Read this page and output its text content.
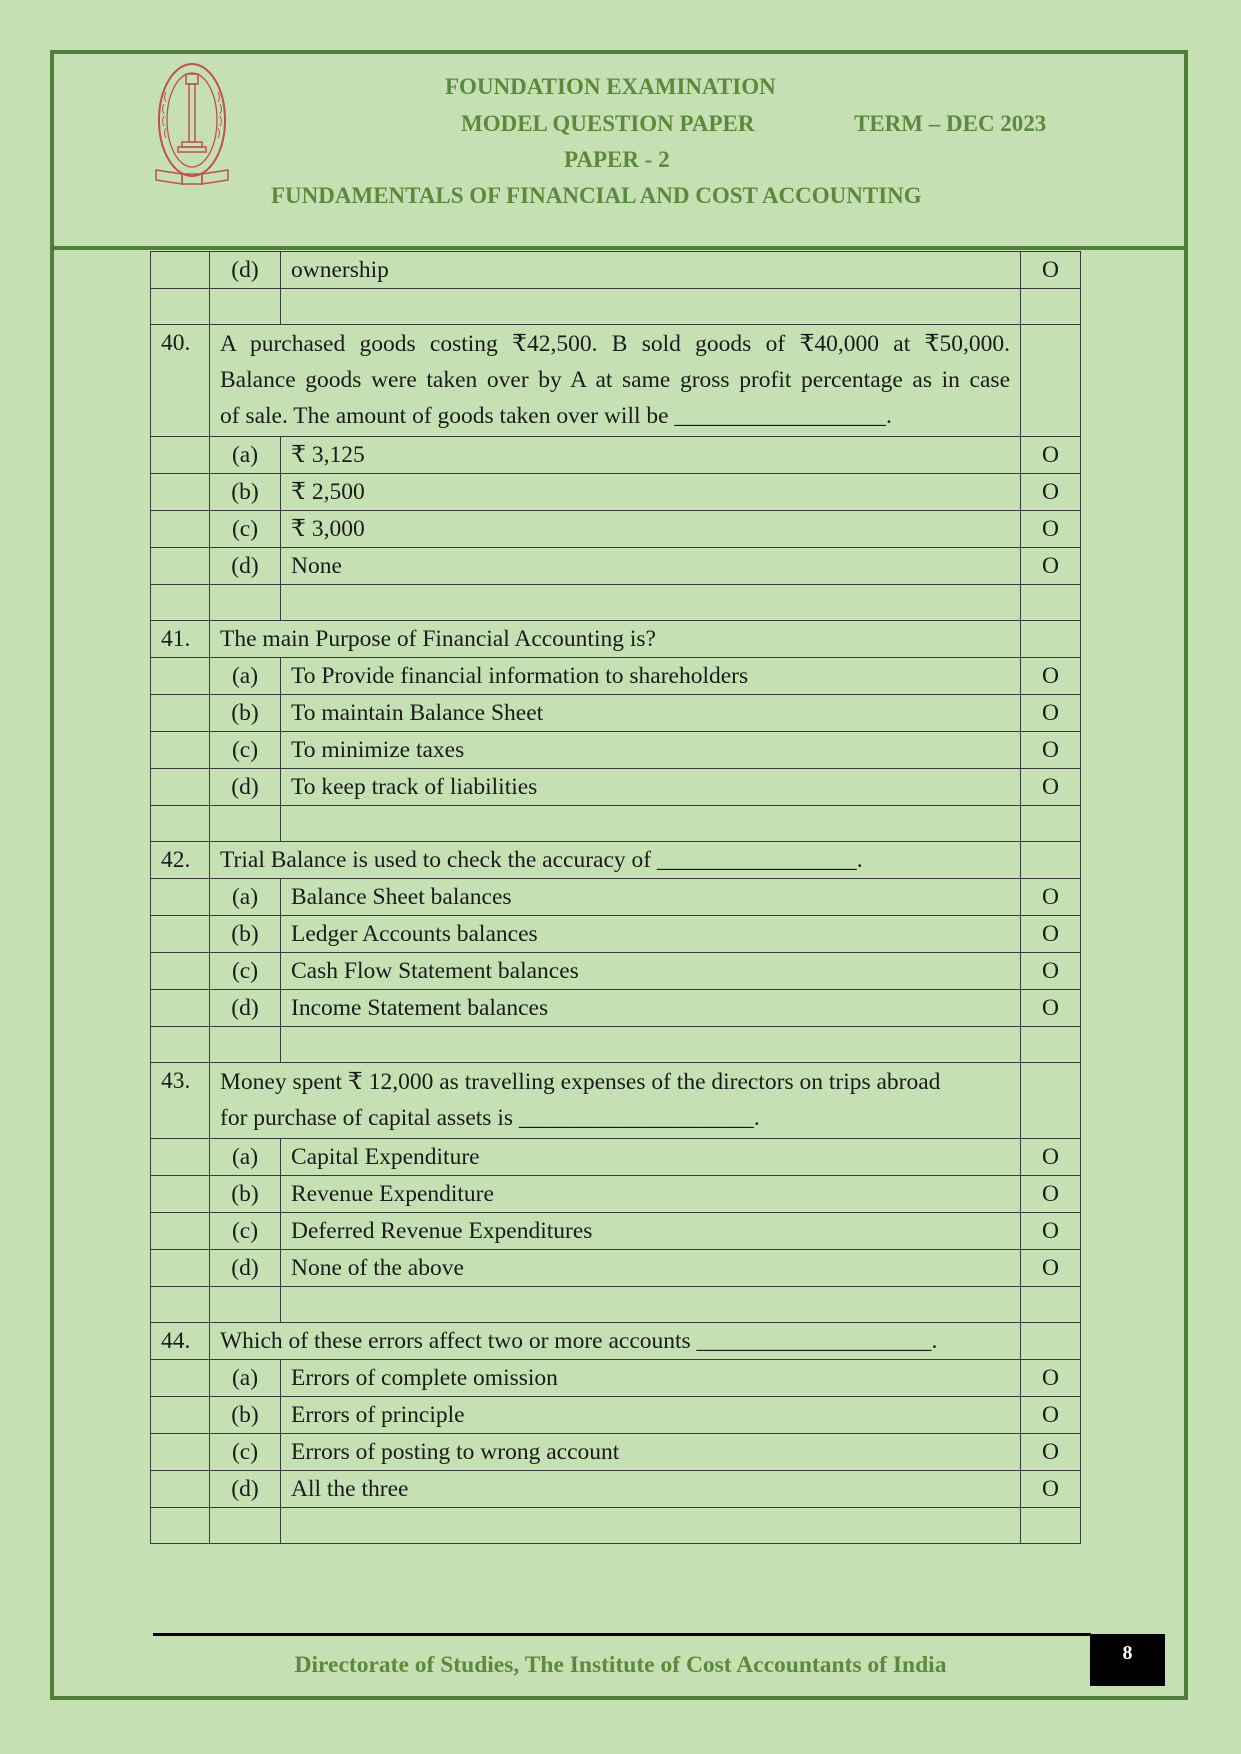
FOUNDATION EXAMINATION
MODEL QUESTION PAPER	TERM – DEC 2023
PAPER - 2
FUNDAMENTALS OF FINANCIAL AND COST ACCOUNTING
	(d)	ownership	O

40.	A purchased goods costing ₹42,500. B sold goods of ₹40,000 at ₹50,000.
Balance goods were taken over by A at same gross profit percentage as in case
of sale. The amount of goods taken over will be __________________.		

	(a)	₹ 3,125	O
	(b)	₹ 2,500	O
	(c)	₹ 3,000	O
	(d)	None	O

41.	The main Purpose of Financial Accounting is?		
	(a)	To Provide financial information to shareholders	O
	(b)	To maintain Balance Sheet	O
	(c)	To minimize taxes	O
	(d)	To keep track of liabilities	O

42.	Trial Balance is used to check the accuracy of _________________.		
	(a)	Balance Sheet balances	O
	(b)	Ledger Accounts balances	O
	(c)	Cash Flow Statement balances	O
	(d)	Income Statement balances	O

43.	Money spent ₹ 12,000 as travelling expenses of the directors on trips abroad
for purchase of capital assets is ____________________.		

	(a)	Capital Expenditure	O
	(b)	Revenue Expenditure	O
	(c)	Deferred Revenue Expenditures	O
	(d)	None of the above	O

44.	Which of these errors affect two or more accounts ____________________.		
	(a)	Errors of complete omission	O
	(b)	Errors of principle	O
	(c)	Errors of posting to wrong account	O
	(d)	All the three	O

Directorate of Studies, The Institute of Cost Accountants of India	8
